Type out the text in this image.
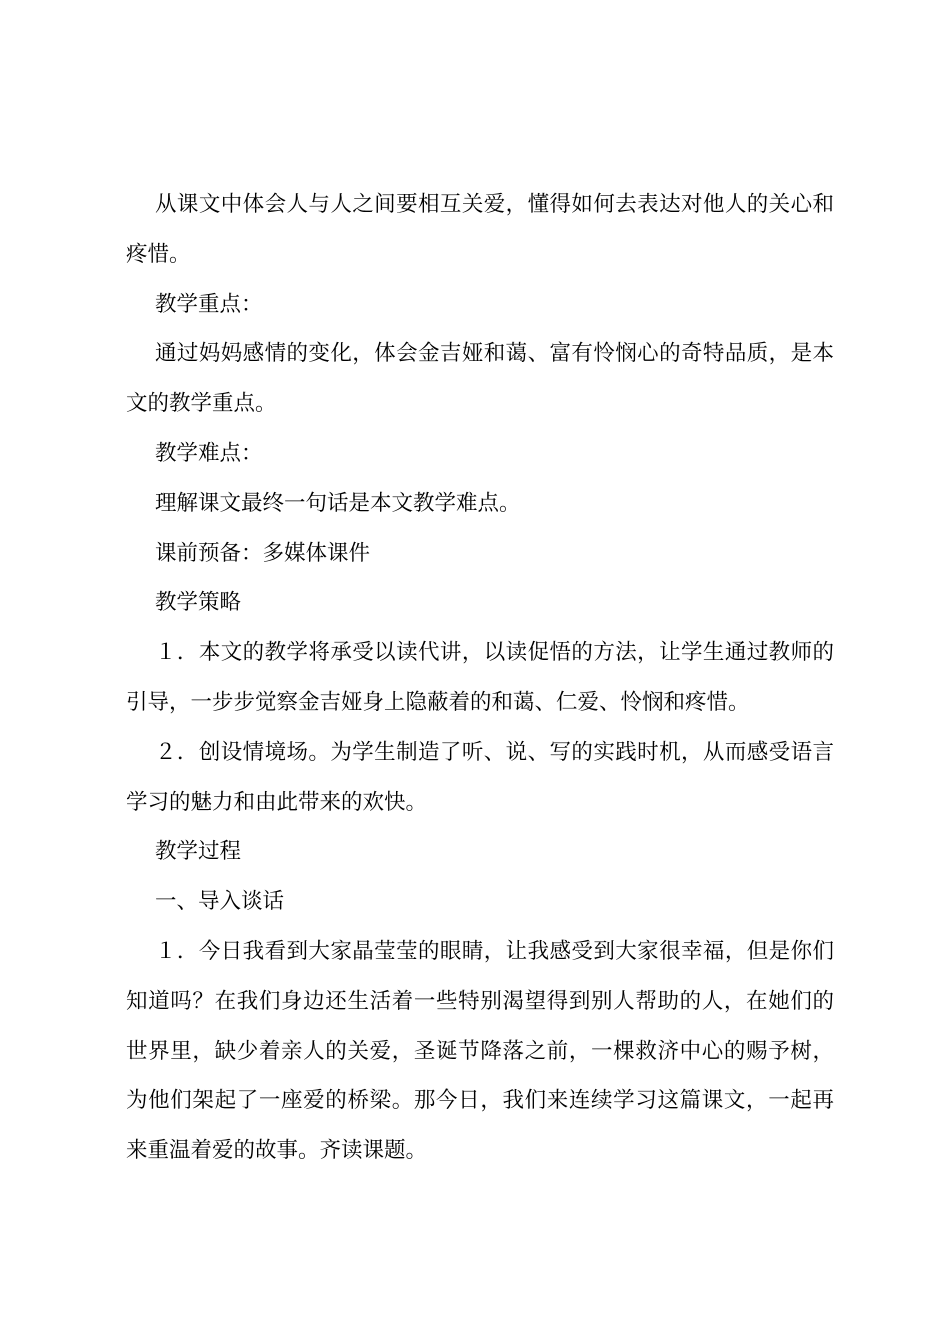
从课文中体会人与人之间要相互关爱，懂得如何去表达对他人的关心和疼惜。

教学重点：

通过妈妈感情的变化，体会金吉娅和蔼、富有怜悯心的奇特品质，是本文的教学重点。

教学难点：

理解课文最终一句话是本文教学难点。

课前预备：多媒体课件

教学策略

１．本文的教学将承受以读代讲，以读促悟的方法，让学生通过教师的引导，一步步觉察金吉娅身上隐蔽着的和蔼、仁爱、怜悯和疼惜。

２．创设情境场。为学生制造了听、说、写的实践时机，从而感受语言学习的魅力和由此带来的欢快。

教学过程

一、导入谈话

１．今日我看到大家晶莹莹的眼睛，让我感受到大家很幸福，但是你们知道吗？在我们身边还生活着一些特别渴望得到别人帮助的人，在她们的世界里，缺少着亲人的关爱，圣诞节降落之前，一棵救济中心的赐予树，为他们架起了一座爱的桥梁。那今日，我们来连续学习这篇课文，一起再来重温着爱的故事。齐读课题。
